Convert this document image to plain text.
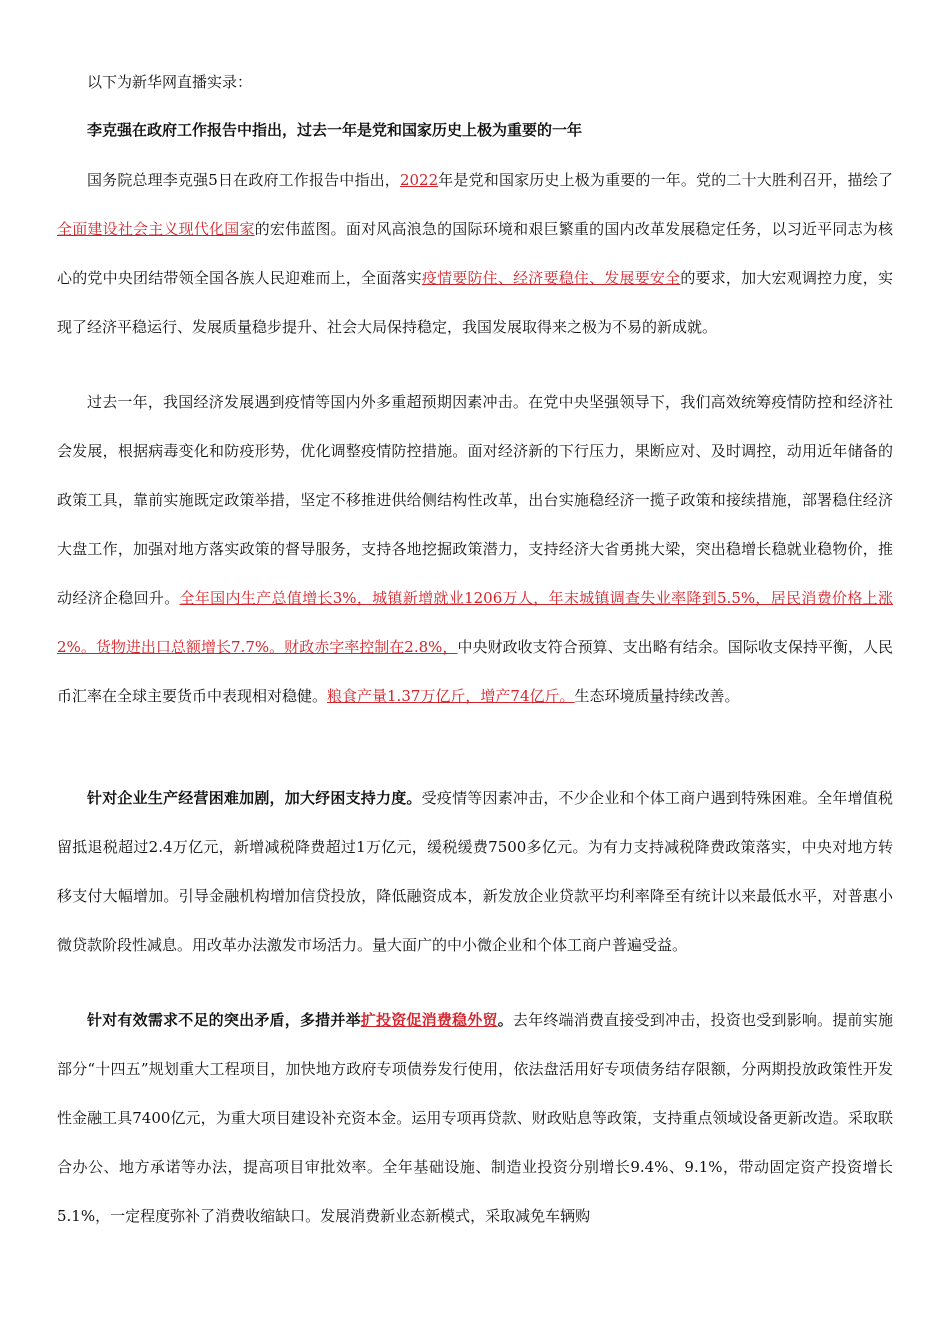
以下为新华网直播实录：

李克强在政府工作报告中指出，过去一年是党和国家历史上极为重要的一年

国务院总理李克强5日在政府工作报告中指出，2022年是党和国家历史上极为重要的一年。党的二十大胜利召开，描绘了全面建设社会主义现代化国家的宏伟蓝图。面对风高浪急的国际环境和艰巨繁重的国内改革发展稳定任务，以习近平同志为核心的党中央团结带领全国各族人民迎难而上，全面落实疫情要防住、经济要稳住、发展要安全的要求，加大宏观调控力度，实现了经济平稳运行、发展质量稳步提升、社会大局保持稳定，我国发展取得来之极为不易的新成就。

过去一年，我国经济发展遇到疫情等国内外多重超预期因素冲击。在党中央坚强领导下，我们高效统筹疫情防控和经济社会发展，根据病毒变化和防疫形势，优化调整疫情防控措施。面对经济新的下行压力，果断应对、及时调控，动用近年储备的政策工具，靠前实施既定政策举措，坚定不移推进供给侧结构性改革，出台实施稳经济一揽子政策和接续措施，部署稳住经济大盘工作，加强对地方落实政策的督导服务，支持各地挖掘政策潜力，支持经济大省勇挑大梁，突出稳增长稳就业稳物价，推动经济企稳回升。全年国内生产总值增长3%，城镇新增就业1206万人，年末城镇调查失业率降到5.5%，居民消费价格上涨2%。货物进出口总额增长7.7%。财政赤字率控制在2.8%，中央财政收支符合预算、支出略有结余。国际收支保持平衡，人民币汇率在全球主要货币中表现相对稳健。粮食产量1.37万亿斤，增产74亿斤。生态环境质量持续改善。

针对企业生产经营困难加剧，加大纾困支持力度。受疫情等因素冲击，不少企业和个体工商户遇到特殊困难。全年增值税留抵退税超过2.4万亿元，新增减税降费超过1万亿元，缓税缓费7500多亿元。为有力支持减税降费政策落实，中央对地方转移支付大幅增加。引导金融机构增加信贷投放，降低融资成本，新发放企业贷款平均利率降至有统计以来最低水平，对普惠小微贷款阶段性减息。用改革办法激发市场活力。量大面广的中小微企业和个体工商户普遍受益。

针对有效需求不足的突出矛盾，多措并举扩投资促消费稳外贸。去年终端消费直接受到冲击，投资也受到影响。提前实施部分“十四五”规划重大工程项目，加快地方政府专项债券发行使用，依法盘活用好专项债务结存限额，分两期投放政策性开发性金融工具7400亿元，为重大项目建设补充资本金。运用专项再贷款、财政贴息等政策，支持重点领域设备更新改造。采取联合办公、地方承诺等办法，提高项目审批效率。全年基础设施、制造业投资分别增长9.4%、9.1%，带动固定资产投资增长5.1%，一定程度弥补了消费收缩缺口。发展消费新业态新模式，采取减免车辆购
